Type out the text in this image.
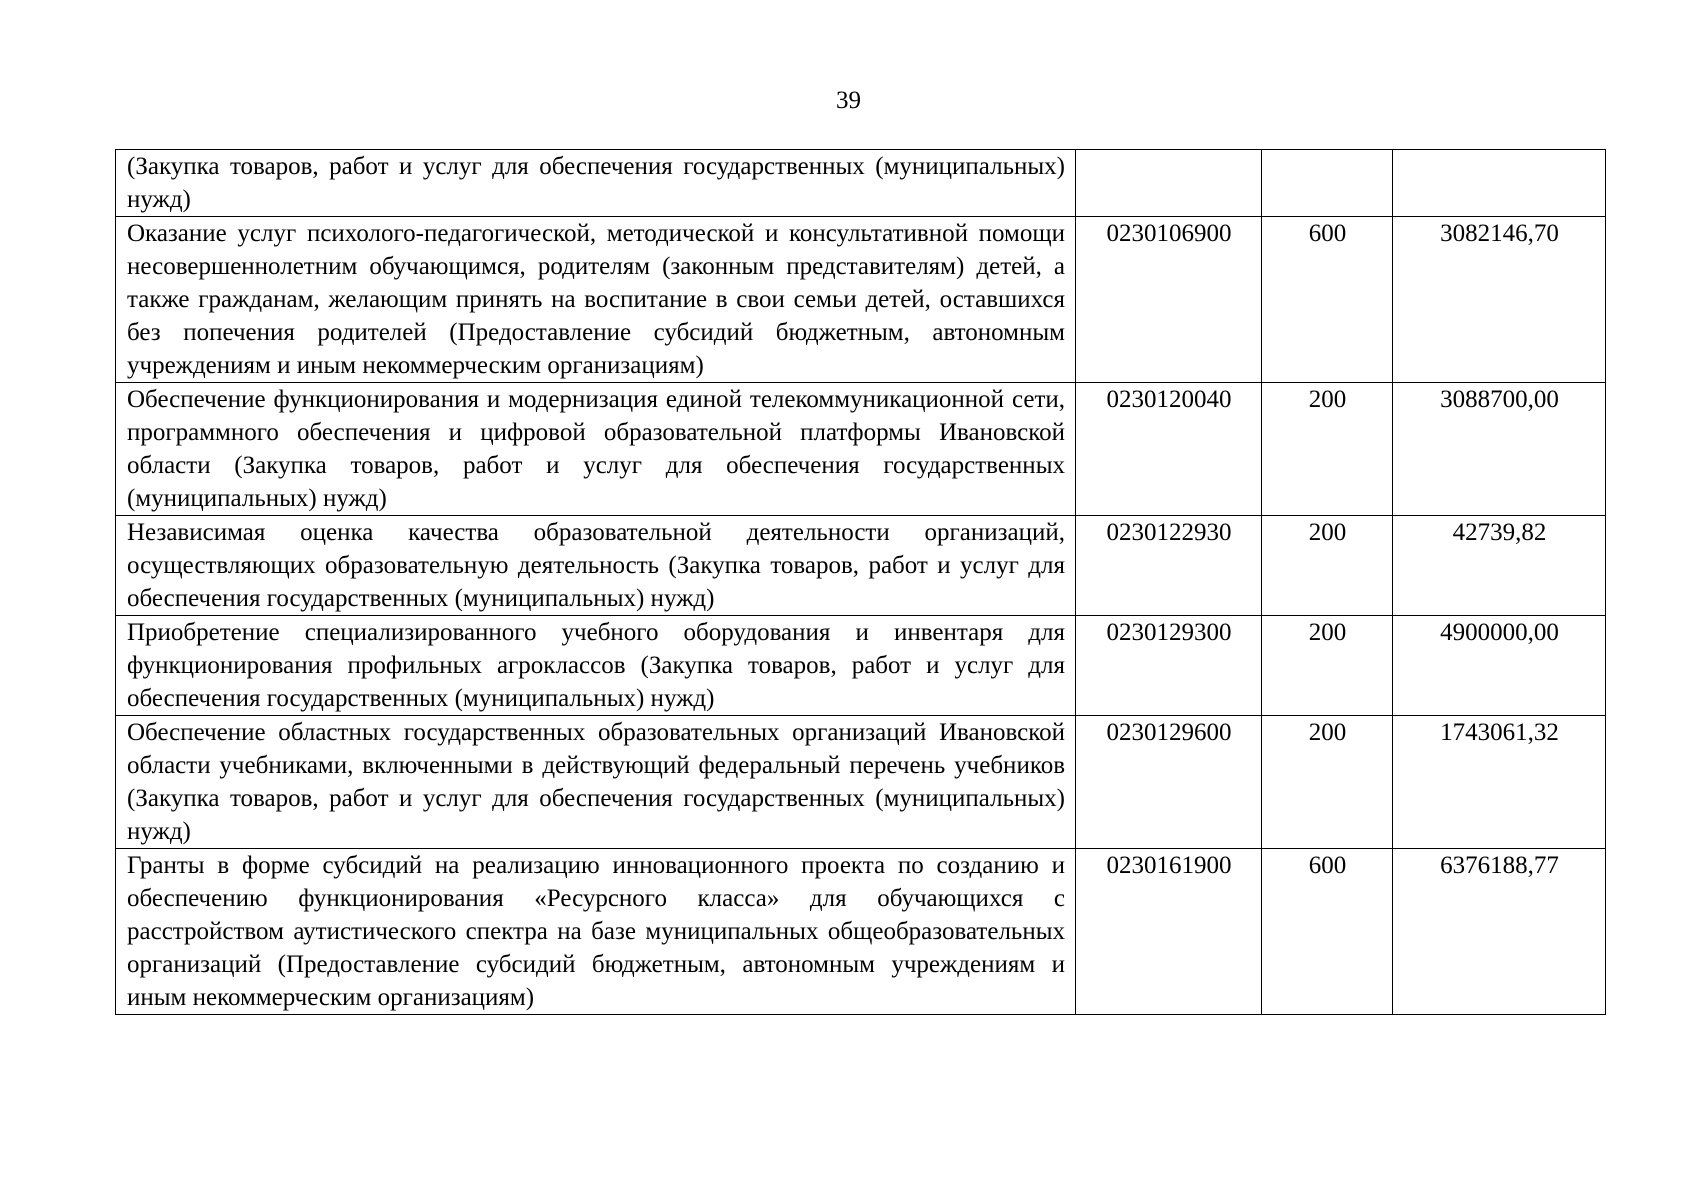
39
(Закупка товаров, работ и услуг для обеспечения государственных (муниципальных) нужд)			
Оказание услуг психолого-педагогической, методической и консультативной помощи несовершеннолетним обучающимся, родителям (законным представителям) детей, а также гражданам, желающим принять на воспитание в свои семьи детей, оставшихся без попечения родителей (Предоставление субсидий бюджетным, автономным учреждениям и иным некоммерческим организациям)	0230106900	600	3082146,70
Обеспечение функционирования и модернизация единой телекоммуникационной сети, программного обеспечения и цифровой образовательной платформы Ивановской области (Закупка товаров, работ и услуг для обеспечения государственных (муниципальных) нужд)	0230120040	200	3088700,00
Независимая оценка качества образовательной деятельности организаций, осуществляющих образовательную деятельность (Закупка товаров, работ и услуг для обеспечения государственных (муниципальных) нужд)	0230122930	200	42739,82
Приобретение специализированного учебного оборудования и инвентаря для функционирования профильных агроклассов (Закупка товаров, работ и услуг для обеспечения государственных (муниципальных) нужд)	0230129300	200	4900000,00
Обеспечение областных государственных образовательных организаций Ивановской области учебниками, включенными в действующий федеральный перечень учебников (Закупка товаров, работ и услуг для обеспечения государственных (муниципальных) нужд)	0230129600	200	1743061,32
Гранты в форме субсидий на реализацию инновационного проекта по созданию и обеспечению функционирования «Ресурсного класса» для обучающихся с расстройством аутистического спектра на базе муниципальных общеобразовательных организаций (Предоставление субсидий бюджетным, автономным учреждениям и иным некоммерческим организациям)	0230161900	600	6376188,77
